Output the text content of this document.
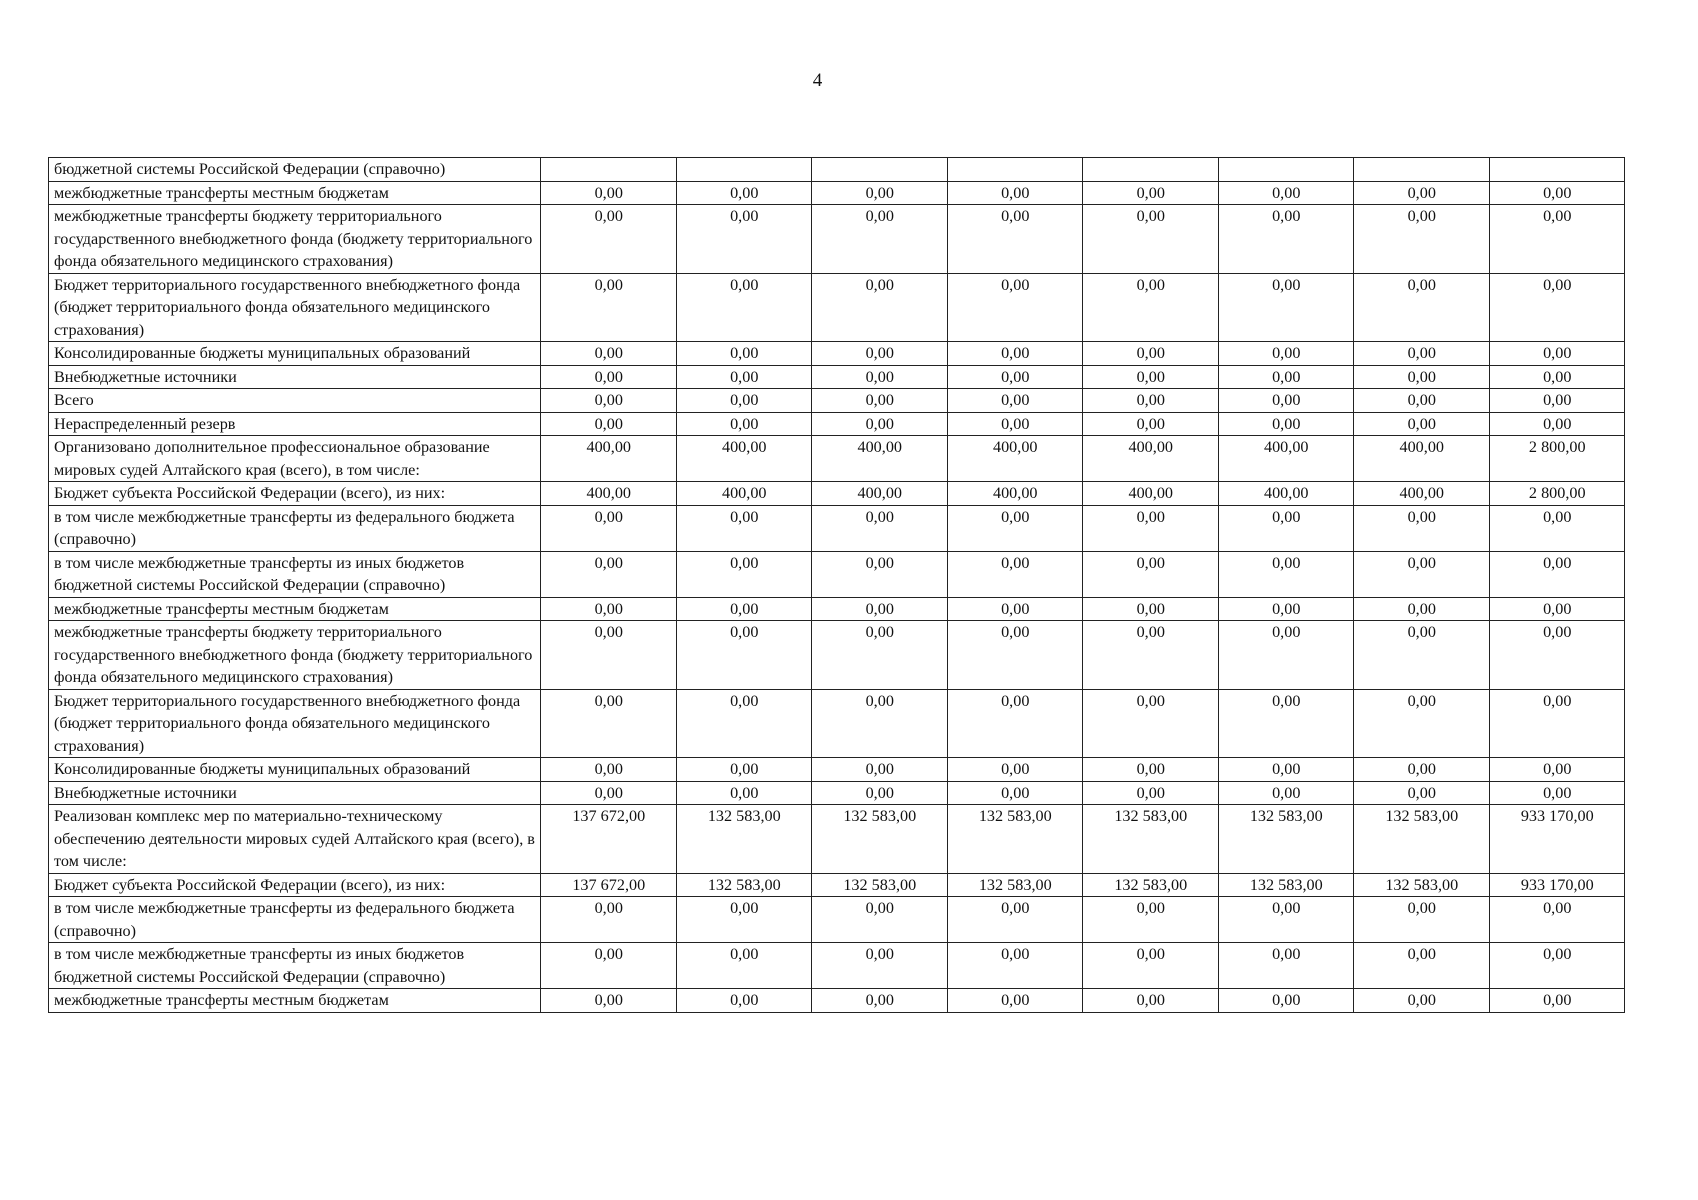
4
бюджетной системы Российской Федерации (справочно)								
межбюджетные трансферты местным бюджетам	0,00	0,00	0,00	0,00	0,00	0,00	0,00	0,00
межбюджетные трансферты бюджету территориального государственного внебюджетного фонда (бюджету территориального фонда обязательного медицинского страхования)	0,00	0,00	0,00	0,00	0,00	0,00	0,00	0,00
Бюджет территориального государственного внебюджетного фонда (бюджет территориального фонда обязательного медицинского страхования)	0,00	0,00	0,00	0,00	0,00	0,00	0,00	0,00
Консолидированные бюджеты муниципальных образований	0,00	0,00	0,00	0,00	0,00	0,00	0,00	0,00
Внебюджетные источники	0,00	0,00	0,00	0,00	0,00	0,00	0,00	0,00
Всего	0,00	0,00	0,00	0,00	0,00	0,00	0,00	0,00
Нераспределенный резерв	0,00	0,00	0,00	0,00	0,00	0,00	0,00	0,00
Организовано дополнительное профессиональное образование мировых судей Алтайского края (всего), в том числе:	400,00	400,00	400,00	400,00	400,00	400,00	400,00	2 800,00
Бюджет субъекта Российской Федерации (всего), из них:	400,00	400,00	400,00	400,00	400,00	400,00	400,00	2 800,00
в том числе межбюджетные трансферты из федерального бюджета (справочно)	0,00	0,00	0,00	0,00	0,00	0,00	0,00	0,00
в том числе межбюджетные трансферты из иных бюджетов бюджетной системы Российской Федерации (справочно)	0,00	0,00	0,00	0,00	0,00	0,00	0,00	0,00
межбюджетные трансферты местным бюджетам	0,00	0,00	0,00	0,00	0,00	0,00	0,00	0,00
межбюджетные трансферты бюджету территориального государственного внебюджетного фонда (бюджету территориального фонда обязательного медицинского страхования)	0,00	0,00	0,00	0,00	0,00	0,00	0,00	0,00
Бюджет территориального государственного внебюджетного фонда (бюджет территориального фонда обязательного медицинского страхования)	0,00	0,00	0,00	0,00	0,00	0,00	0,00	0,00
Консолидированные бюджеты муниципальных образований	0,00	0,00	0,00	0,00	0,00	0,00	0,00	0,00
Внебюджетные источники	0,00	0,00	0,00	0,00	0,00	0,00	0,00	0,00
Реализован комплекс мер по материально-техническому обеспечению деятельности мировых судей Алтайского края (всего), в том числе:	137 672,00	132 583,00	132 583,00	132 583,00	132 583,00	132 583,00	132 583,00	933 170,00
Бюджет субъекта Российской Федерации (всего), из них:	137 672,00	132 583,00	132 583,00	132 583,00	132 583,00	132 583,00	132 583,00	933 170,00
в том числе межбюджетные трансферты из федерального бюджета (справочно)	0,00	0,00	0,00	0,00	0,00	0,00	0,00	0,00
в том числе межбюджетные трансферты из иных бюджетов бюджетной системы Российской Федерации (справочно)	0,00	0,00	0,00	0,00	0,00	0,00	0,00	0,00
межбюджетные трансферты местным бюджетам	0,00	0,00	0,00	0,00	0,00	0,00	0,00	0,00
